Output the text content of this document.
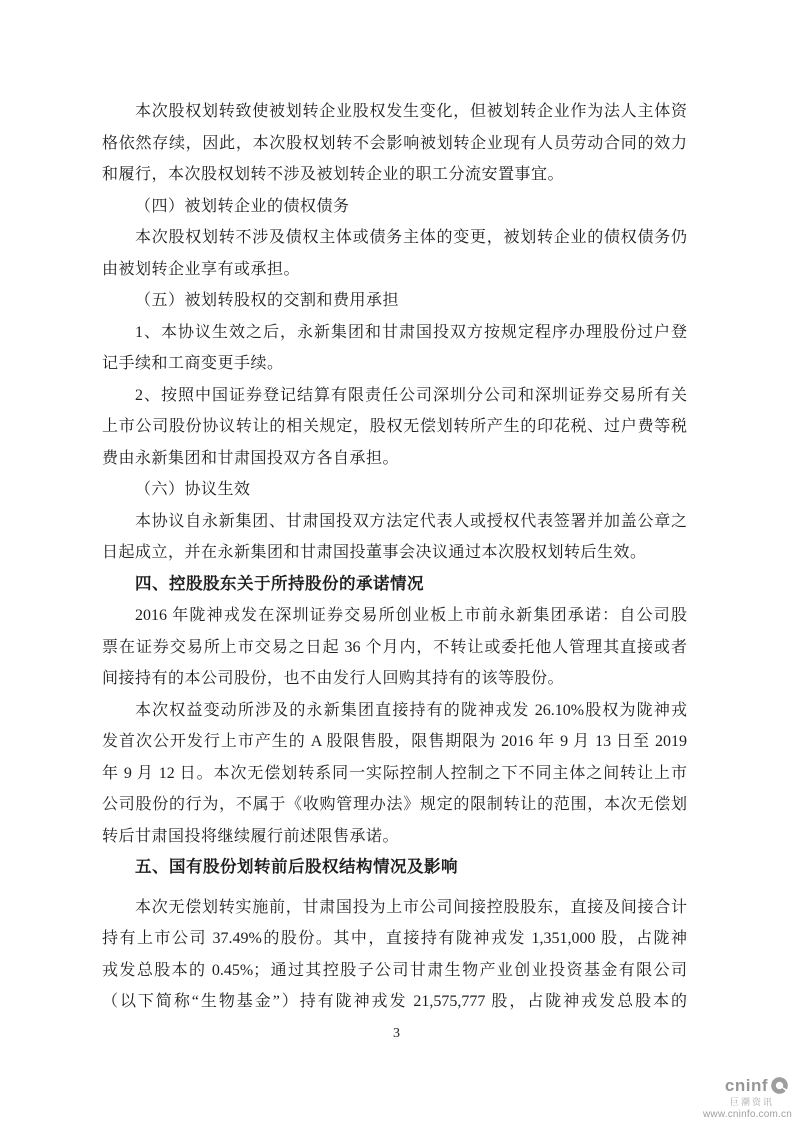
本次股权划转致使被划转企业股权发生变化，但被划转企业作为法人主体资
格依然存续，因此，本次股权划转不会影响被划转企业现有人员劳动合同的效力
和履行，本次股权划转不涉及被划转企业的职工分流安置事宜。
（四）被划转企业的债权债务
本次股权划转不涉及债权主体或债务主体的变更，被划转企业的债权债务仍
由被划转企业享有或承担。
（五）被划转股权的交割和费用承担
1、本协议生效之后，永新集团和甘肃国投双方按规定程序办理股份过户登
记手续和工商变更手续。
2、按照中国证券登记结算有限责任公司深圳分公司和深圳证券交易所有关
上市公司股份协议转让的相关规定，股权无偿划转所产生的印花税、过户费等税
费由永新集团和甘肃国投双方各自承担。
（六）协议生效
本协议自永新集团、甘肃国投双方法定代表人或授权代表签署并加盖公章之
日起成立，并在永新集团和甘肃国投董事会决议通过本次股权划转后生效。
四、控股股东关于所持股份的承诺情况
2016 年陇神戎发在深圳证券交易所创业板上市前永新集团承诺：自公司股
票在证券交易所上市交易之日起 36 个月内，不转让或委托他人管理其直接或者
间接持有的本公司股份，也不由发行人回购其持有的该等股份。
本次权益变动所涉及的永新集团直接持有的陇神戎发 26.10%股权为陇神戎
发首次公开发行上市产生的 A 股限售股，限售期限为 2016 年 9 月 13 日至 2019
年 9 月 12 日。本次无偿划转系同一实际控制人控制之下不同主体之间转让上市
公司股份的行为，不属于《收购管理办法》规定的限制转让的范围，本次无偿划
转后甘肃国投将继续履行前述限售承诺。
五、国有股份划转前后股权结构情况及影响
本次无偿划转实施前，甘肃国投为上市公司间接控股股东，直接及间接合计
持有上市公司 37.49%的股份。其中，直接持有陇神戎发 1,351,000 股，占陇神
戎发总股本的 0.45%；通过其控股子公司甘肃生物产业创业投资基金有限公司
（以下简称“生物基金”）持有陇神戎发 21,575,777 股，占陇神戎发总股本的
3
cninf
巨潮资讯
www.cninfo.com.cn
